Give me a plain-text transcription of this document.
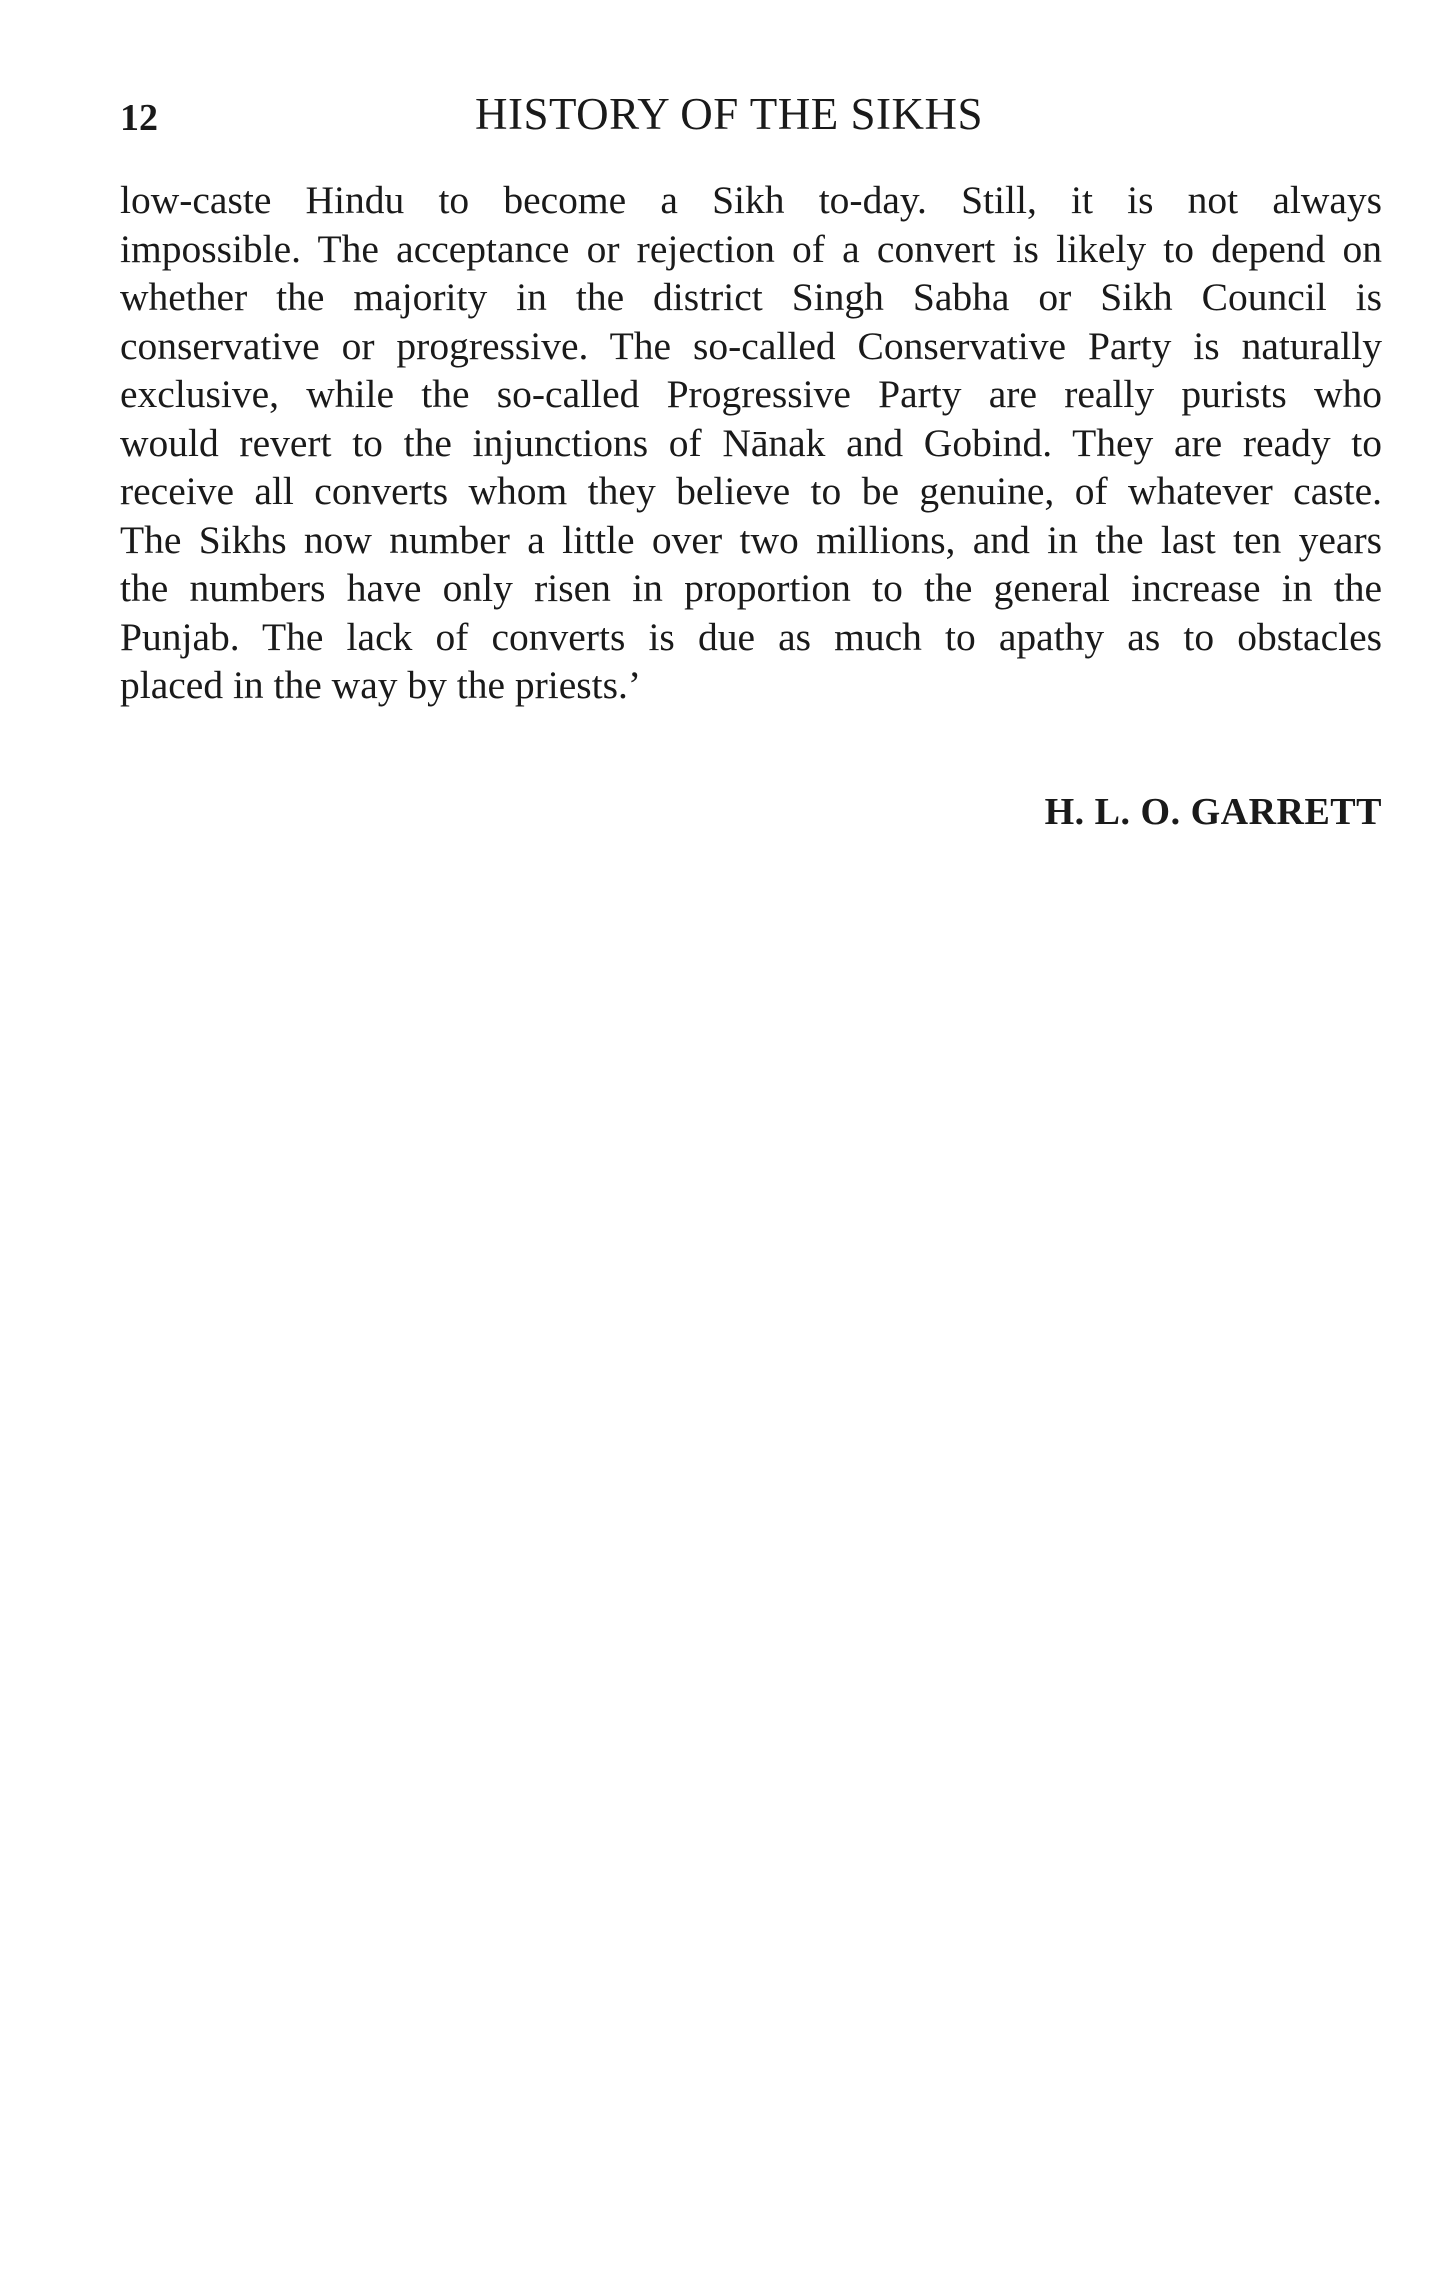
12	HISTORY OF THE SIKHS
low-caste Hindu to become a Sikh to-day. Still, it is not always
impossible. The acceptance or rejection of a convert is likely to depend on
whether the majority in the district Singh Sabha or Sikh Council is
conservative or progressive. The so-called Conservative Party is naturally
exclusive, while the so-called Progressive Party are really purists who
would revert to the injunctions of Nānak and Gobind. They are ready to
receive all converts whom they believe to be genuine, of whatever caste.
The Sikhs now number a little over two millions, and in the last ten years
the numbers have only risen in proportion to the general increase in the
Punjab. The lack of converts is due as much to apathy as to obstacles
placed in the way by the priests.’
H. L. O. GARRETT
